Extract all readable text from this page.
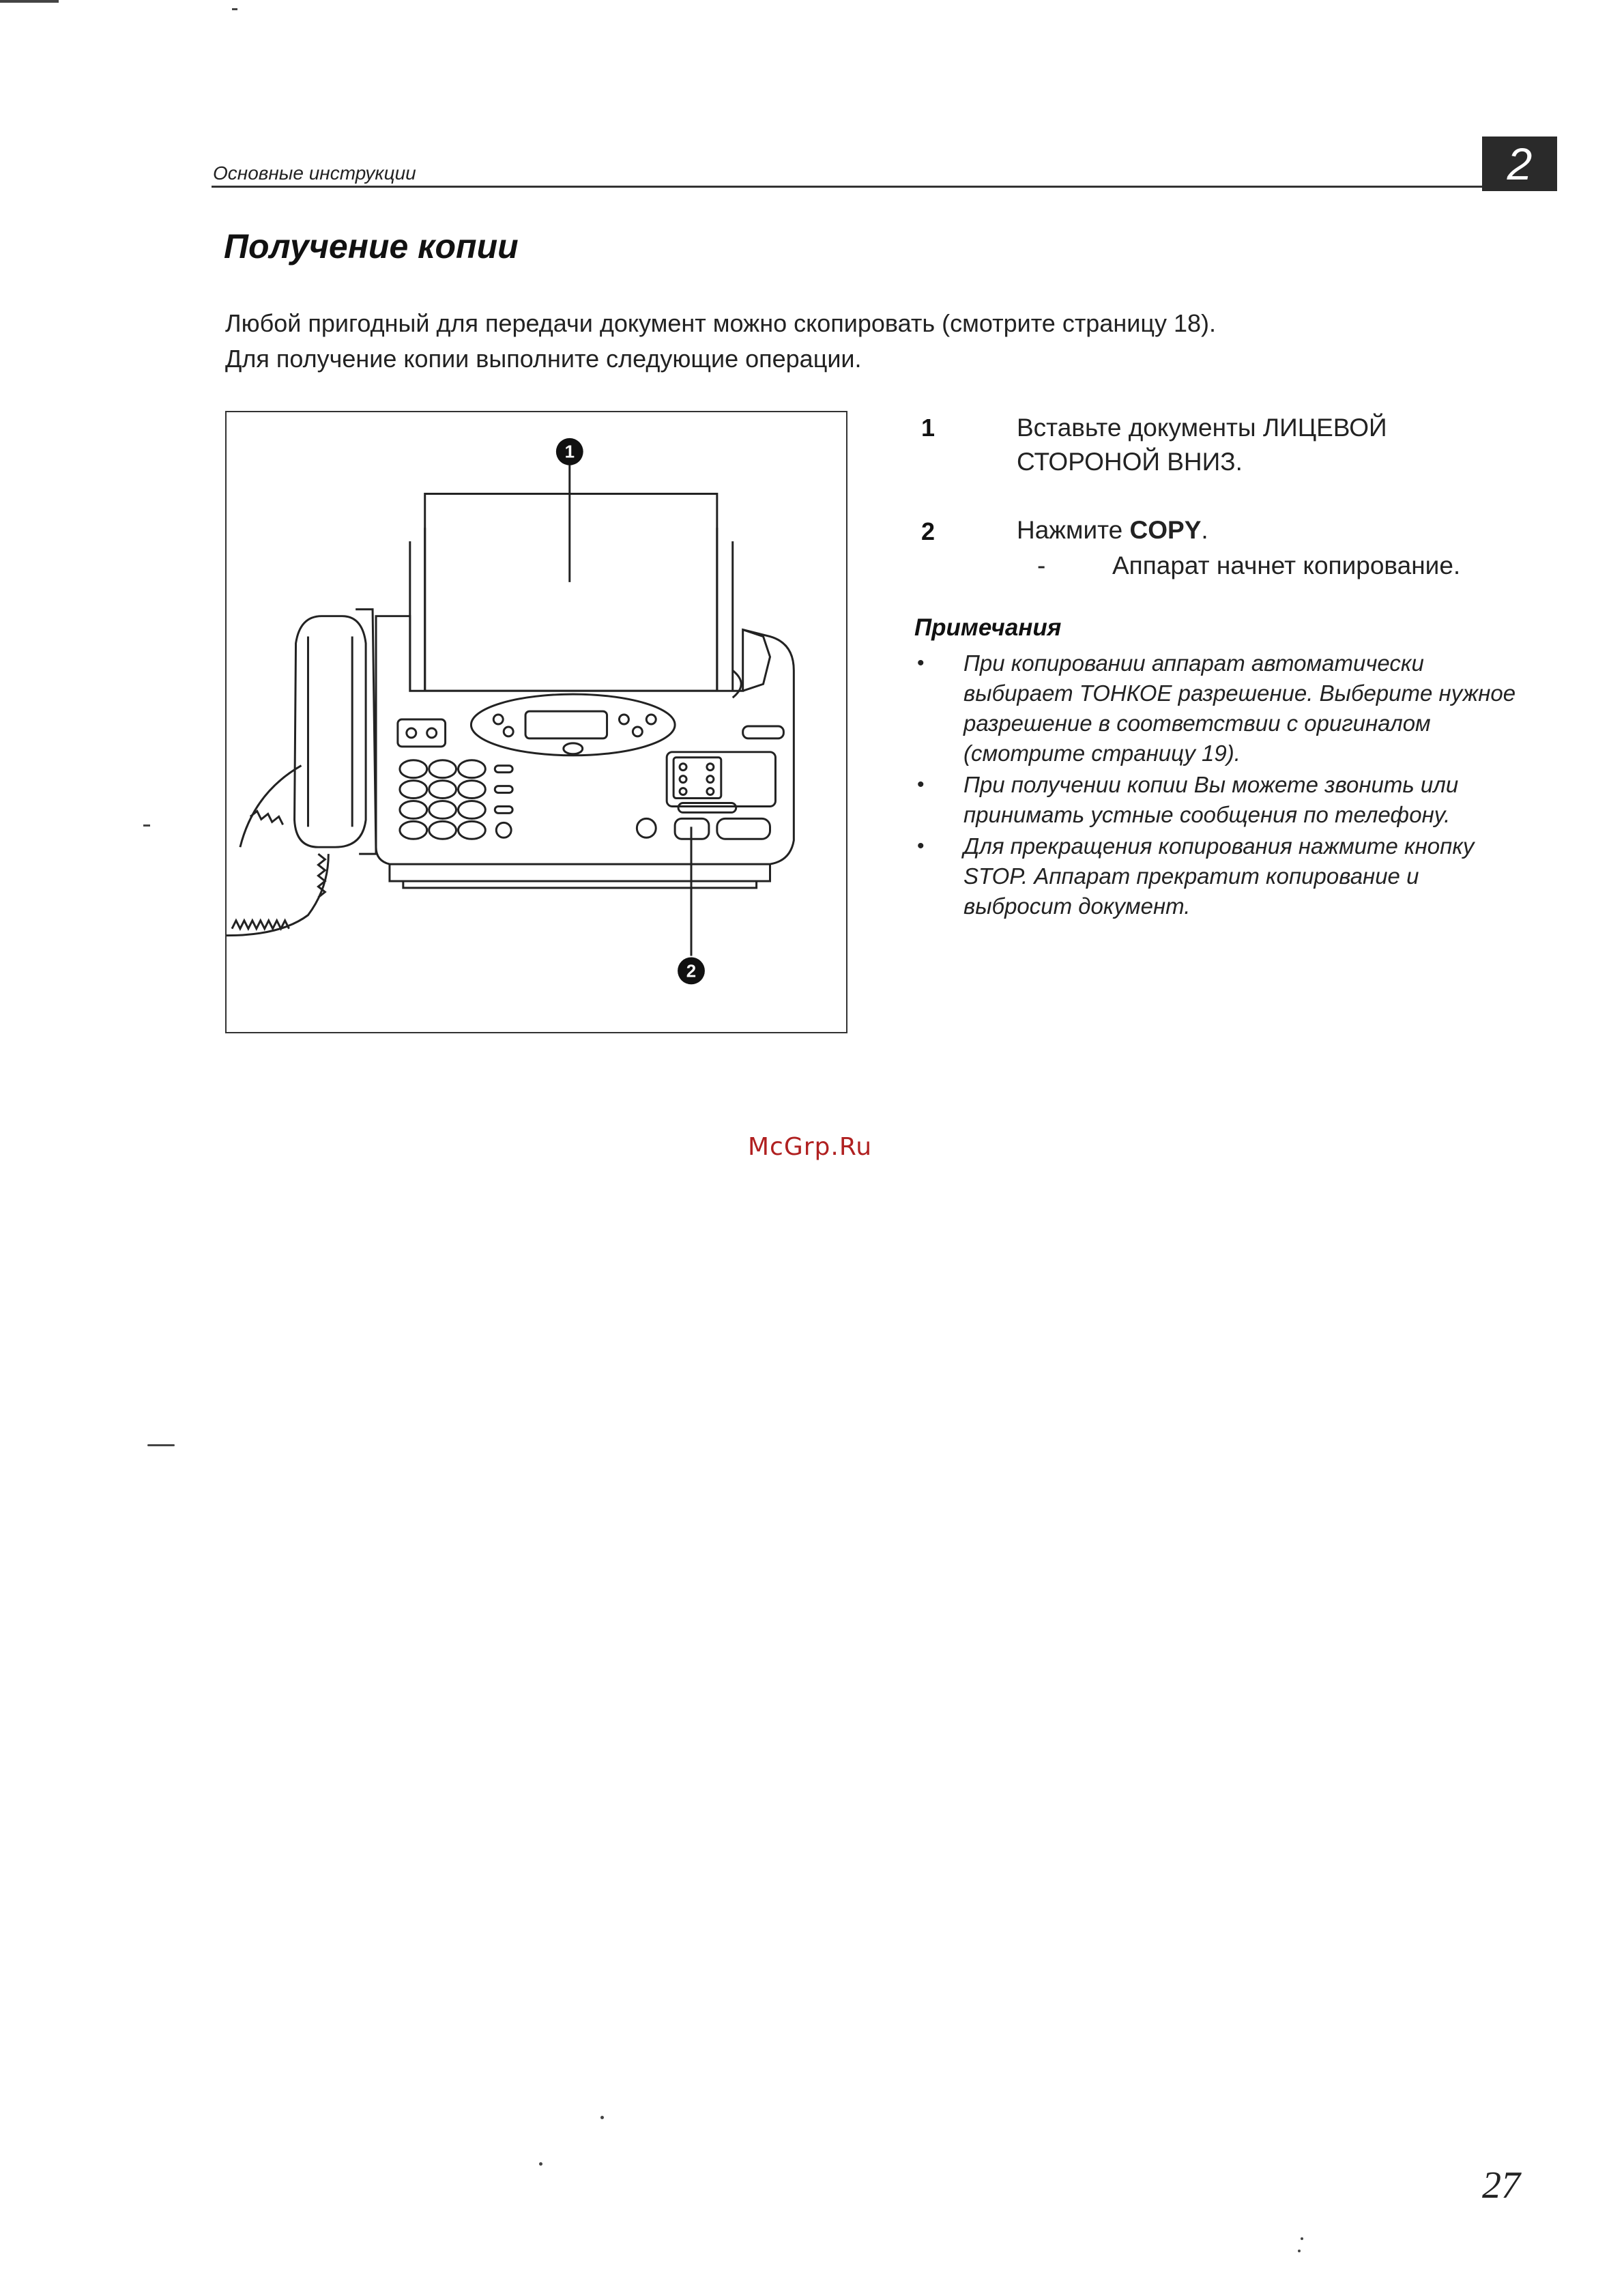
Основные инструкции	2
Получение копии
Любой пригодный для передачи документ можно скопировать (смотрите страницу 18).
Для получение копии выполните следующие операции.
1
2
1	Вставьте документы ЛИЦЕВОЙ
СТОРОНОЙ ВНИЗ.
2	Нажмите COPY.
-	Аппарат начнет копирование.
Примечания
• При копировании аппарат автоматически выбирает ТОНКОЕ разрешение. Выберите нужное разрешение в соответствии с оригиналом (смотрите страницу 19).
• При получении копии Вы можете звонить или принимать устные сообщения по телефону.
• Для прекращения копирования нажмите кнопку STOP. Аппарат прекратит копирование и выбросит документ.
McGrp.Ru
27
